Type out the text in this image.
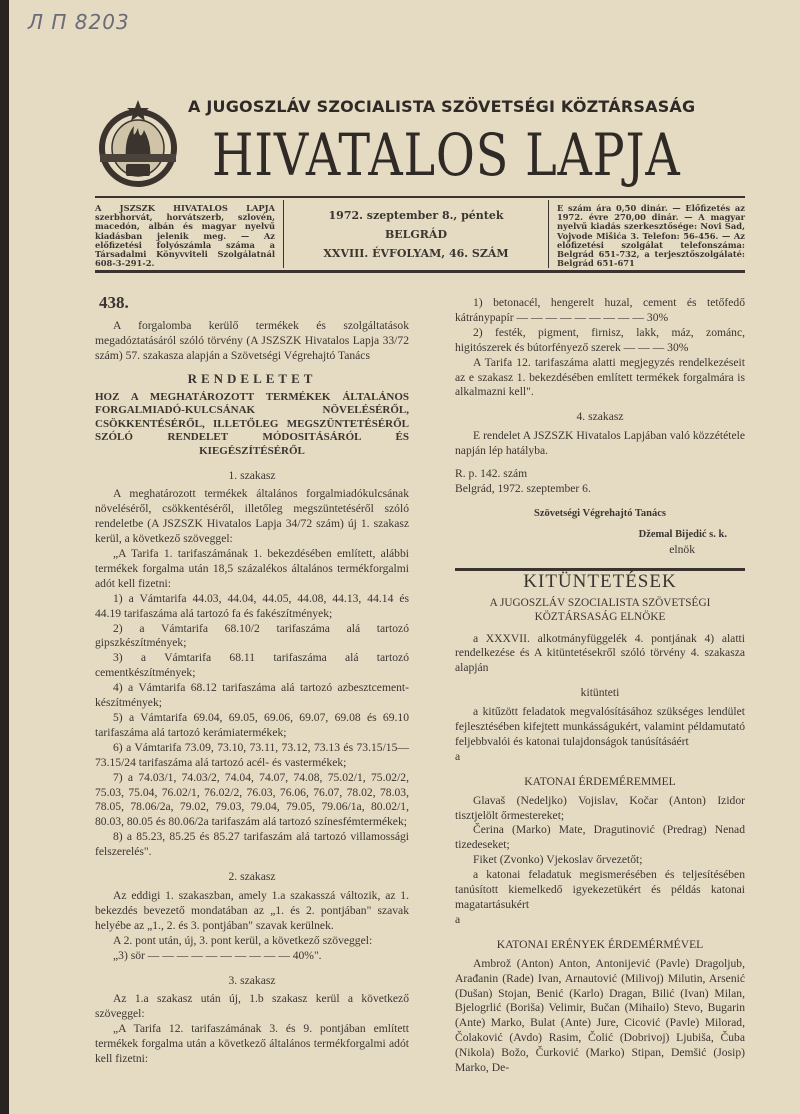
Л П 8203
A JUGOSZLÁV SZOCIALISTA SZÖVETSÉGI KÖZTÁRSASÁG
HIVATALOS LAPJA
A JSZSZK HIVATALOS LAPJA szerbhorvát, horvátszerb, szlovén, macedón, albán és magyar nyelvű kiadásban jelenik meg. — Az előfizetési folyószámla száma a Társadalmi Könyvviteli Szolgálatnál 608-3-291-2.
1972. szeptember 8., péntek
BELGRÁD
XXVIII. ÉVFOLYAM, 46. SZÁM
E szám ára 0,50 dinár. — Előfizetés az 1972. évre 270,00 dinár. — A magyar nyelvű kiadás szerkesztősége: Novi Sad, Vojvode Mišića 3. Telefon: 56-456. — Az előfizetési szolgálat telefonszáma: Belgrád 651-732, a terjesztőszolgálaté: Belgrád 651-671
438.
A forgalomba kerülő termékek és szolgáltatások megadóztatásáról szóló törvény (A JSZSZK Hivatalos Lapja 33/72 szám) 57. szakasza alapján a Szövetségi Végrehajtó Tanács
RENDELETET
HOZ A MEGHATÁROZOTT TERMÉKEK ÁLTALÁNOS FORGALMIADÓ-KULCSÁNAK NÖVELÉSÉRŐL, CSÖKKENTÉSÉRŐL, ILLETŐLEG MEGSZÜNTETÉSÉRŐL SZÓLÓ RENDELET MÓDOSITÁSÁRÓL ÉS KIEGÉSZÍTÉSÉRŐL
1. szakasz
A meghatározott termékek általános forgalmiadókulcsának növeléséről, csökkentéséről, illetőleg megszüntetéséről szóló rendeletbe (A JSZSZK Hivatalos Lapja 34/72 szám) új 1. szakasz kerül, a következő szöveggel:
„A Tarifa 1. tarifaszámának 1. bekezdésében említett, alábbi termékek forgalma után 18,5 százalékos általános termékforgalmi adót kell fizetni:
1) a Vámtarifa 44.03, 44.04, 44.05, 44.08, 44.13, 44.14 és 44.19 tarifaszáma alá tartozó fa és fakészítmények;
2) a Vámtarifa 68.10/2 tarifaszáma alá tartozó gipszkészítmények;
3) a Vámtarifa 68.11 tarifaszáma alá tartozó cementkészítmények;
4) a Vámtarifa 68.12 tarifaszáma alá tartozó azbesztcement-készítmények;
5) a Vámtarifa 69.04, 69.05, 69.06, 69.07, 69.08 és 69.10 tarifaszáma alá tartozó kerámiatermékek;
6) a Vámtarifa 73.09, 73.10, 73.11, 73.12, 73.13 és 73.15/15—73.15/24 tarifaszáma alá tartozó acél- és vastermékek;
7) a 74.03/1, 74.03/2, 74.04, 74.07, 74.08, 75.02/1, 75.02/2, 75.03, 75.04, 76.02/1, 76.02/2, 76.03, 76.06, 76.07, 78.02, 78.03, 78.05, 78.06/2a, 79.02, 79.03, 79.04, 79.05, 79.06/1a, 80.02/1, 80.03, 80.05 és 80.06/2a tarifaszám alá tartozó színesfémtermékek;
8) a 85.23, 85.25 és 85.27 tarifaszám alá tartozó villamossági felszerelés".
2. szakasz
Az eddigi 1. szakaszban, amely 1.a szakasszá változik, az 1. bekezdés bevezető mondatában az „1. és 2. pontjában" szavak helyébe az „1., 2. és 3. pontjában" szavak kerülnek.
A 2. pont után, új, 3. pont kerül, a következő szöveggel:
„3) sör — — — — — — — — — — 40%".
3. szakasz
Az 1.a szakasz után új, 1.b szakasz kerül a következő szöveggel:
„A Tarifa 12. tarifaszámának 3. és 9. pontjában említett termékek forgalma után a következő általános termékforgalmi adót kell fizetni:
1) betonacél, hengerelt huzal, cement és tetőfedő kátránypapír — — — — — — — — — 30%
2) festék, pigment, firnisz, lakk, máz, zománc, higitószerek és bútorfényező szerek — — — 30%
A Tarifa 12. tarifaszáma alatti megjegyzés rendelkezéseit az e szakasz 1. bekezdésében említett termékek forgalmára is alkalmazni kell".
4. szakasz
E rendelet A JSZSZK Hivatalos Lapjában való közzététele napján lép hatályba.
R. p. 142. szám
Belgrád, 1972. szeptember 6.
Szövetségi Végrehajtó Tanács
Džemal Bijedić s. k.
elnök
KITÜNTETÉSEK
A JUGOSZLÁV SZOCIALISTA SZÖVETSÉGI KÖZTÁRSASÁG ELNÖKE
a XXXVII. alkotmányfüggelék 4. pontjának 4) alatti rendelkezése és A kitüntetésekről szóló törvény 4. szakasza alapján
kitünteti
a kitűzött feladatok megvalósításához szükséges lendület fejlesztésében kifejtett munkásságukért, valamint példamutató feljebbvalói és katonai tulajdonságok tanúsításáért
a
KATONAI ÉRDEMÉREMMEL
Glavaš (Nedeljko) Vojislav, Kočar (Anton) Izidor tisztjelölt őrmestereket;
Čerina (Marko) Mate, Dragutinović (Predrag) Nenad tizedeseket;
Fiket (Zvonko) Vjekoslav őrvezetőt;
a katonai feladatuk megismerésében és teljesítésében tanúsított kiemelkedő igyekezetükért és példás katonai magatartásukért
a
KATONAI ERÉNYEK ÉRDEMÉRMÉVEL
Ambrož (Anton) Anton, Antonijević (Pavle) Dragoljub, Arađanin (Rade) Ivan, Arnautović (Milivoj) Milutin, Arsenić (Dušan) Stojan, Benić (Karlo) Dragan, Bilić (Ivan) Milan, Bjelogrlić (Boriša) Velimir, Bučan (Mihailo) Stevo, Bugarin (Ante) Marko, Bulat (Ante) Jure, Cicović (Pavle) Milorad, Čolaković (Avdo) Rasim, Čolić (Dobrivoj) Ljubiša, Čuba (Nikola) Božo, Čurković (Marko) Stipan, Demšić (Josip) Marko, De-
